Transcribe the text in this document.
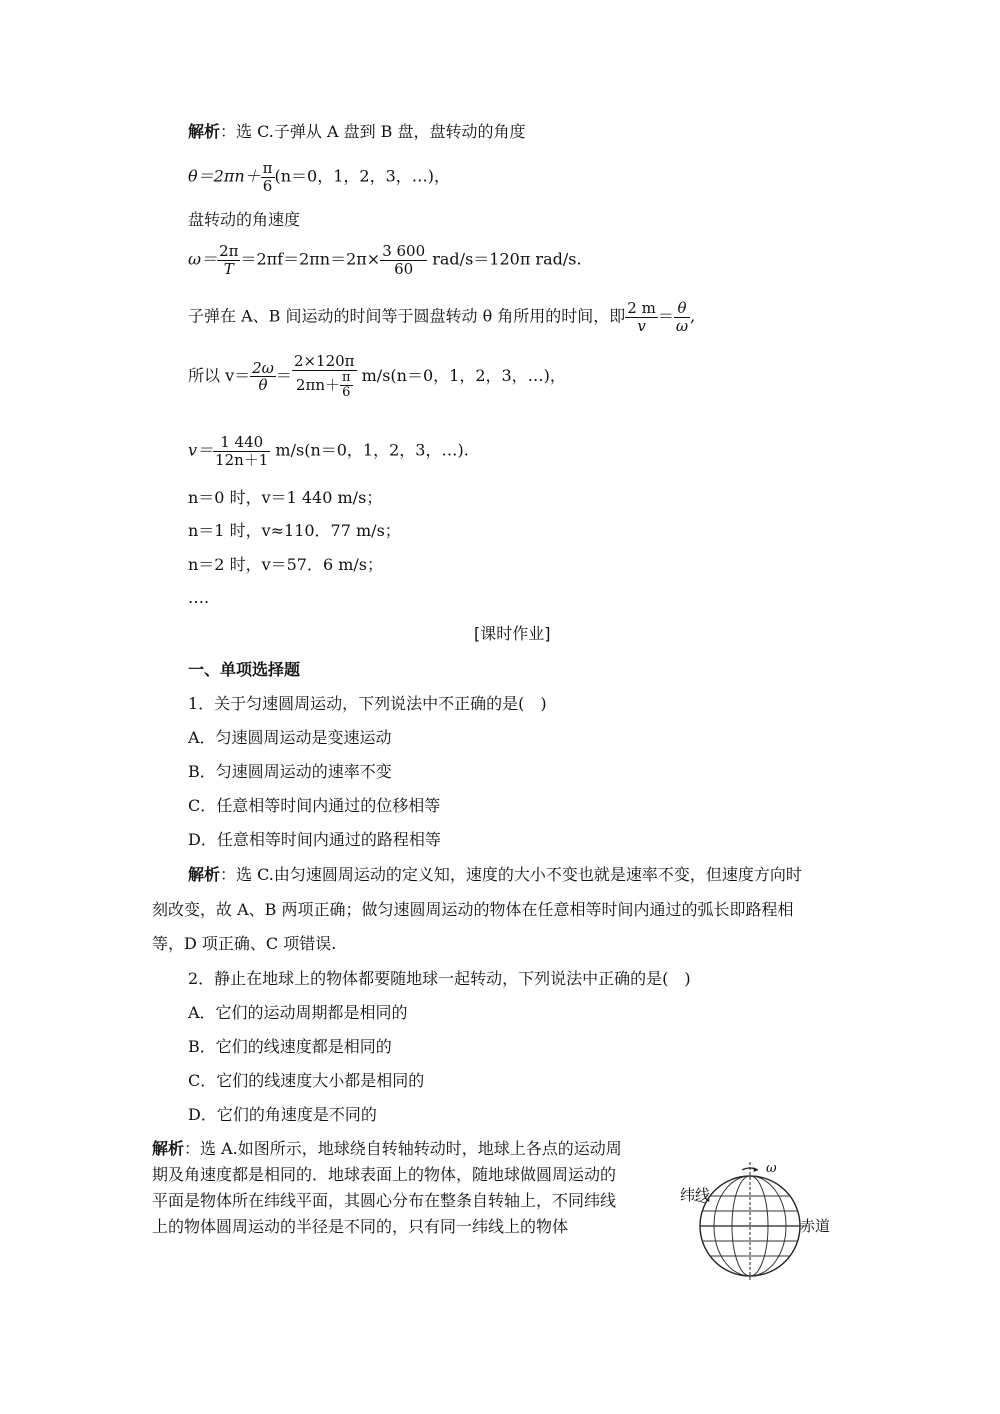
解析：选 C.子弹从 A 盘到 B 盘，盘转动的角度
$\theta=2\pi n+ \frac{\pi}{6} (n=0$，1，2，3，…)，
盘转动的角速度
$\omega= \frac{2\pi}{T} =2\pi f=2\pi n=2\pi\times \frac{3 600}{60} rad/s=120\pi$ rad/s.
子弹在 A、B 间运动的时间等于圆盘转动 θ 角所用的时间，即 $\frac{2 m}{v} = \frac{\theta}{\omega}$ ,
所以 $v= \frac{2\omega}{\theta} = \frac{2\times 120\pi}{2\pi n+ \frac{\pi}{6}} m/s(n=0$，1，2，3，…)，
$v= \frac{1 440}{12n+1} m/s(n=0$，1，2，3，…).
n＝0 时，v＝1 440 m/s；
n＝1 时，v≈110．77 m/s；
n＝2 时，v＝57．6 m/s；
….
[课时作业]
一、单项选择题
1．关于匀速圆周运动，下列说法中不正确的是(　)
A．匀速圆周运动是变速运动
B．匀速圆周运动的速率不变
C．任意相等时间内通过的位移相等
D．任意相等时间内通过的路程相等
解析：选 C.由匀速圆周运动的定义知，速度的大小不变也就是速率不变，但速度方向时
刻改变，故 A、B 两项正确；做匀速圆周运动的物体在任意相等时间内通过的弧长即路程相
等，D 项正确、C 项错误.
2．静止在地球上的物体都要随地球一起转动，下列说法中正确的是(　)
A．它们的运动周期都是相同的
B．它们的线速度都是相同的
C．它们的线速度大小都是相同的
D．它们的角速度是不同的
解析：选 A.如图所示，地球绕自转轴转动时，地球上各点的运动周
期及角速度都是相同的．地球表面上的物体，随地球做圆周运动的
平面是物体所在纬线平面，其圆心分布在整条自转轴上，不同纬线
上的物体圆周运动的半径是不同的，只有同一纬线上的物体
ω
纬线
赤道
